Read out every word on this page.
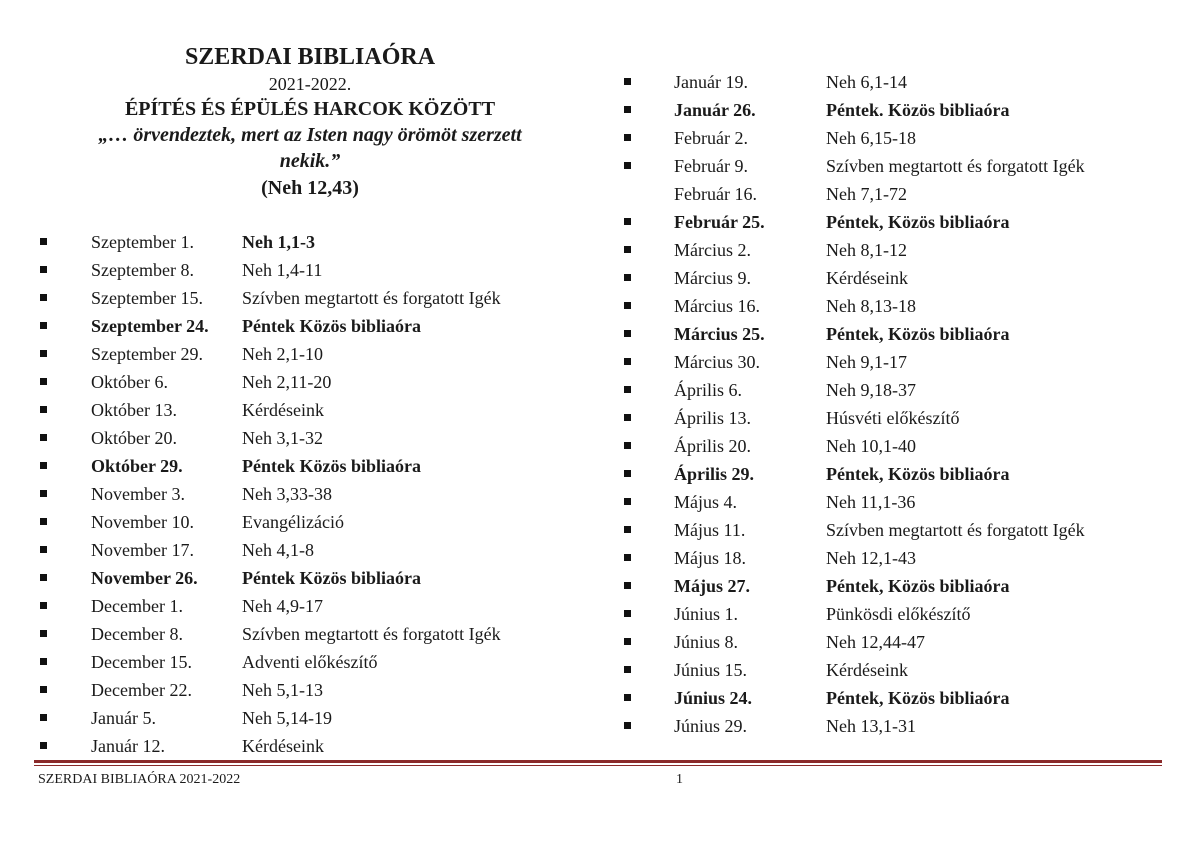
SZERDAI BIBLIAÓRA
2021-2022.
ÉPÍTÉS ÉS ÉPÜLÉS HARCOK KÖZÖTT
„… örvendeztek, mert az Isten nagy örömöt szerzett
nekik.”
(Neh 12,43)
Szeptember 1.	Neh 1,1-3
Szeptember 8.	Neh 1,4-11
Szeptember 15. Szívben megtartott és forgatott Igék
Szeptember 24. Péntek Közös bibliaóra
Szeptember 29. Neh 2,1-10
Október 6.	Neh 2,11-20
Október 13.	Kérdéseink
Október 20.	Neh 3,1-32
Október 29.	Péntek Közös bibliaóra
November 3.	Neh 3,33-38
November 10.	Evangélizáció
November 17.	Neh 4,1-8
November 26. Péntek Közös bibliaóra
December 1.	Neh 4,9-17
December 8.	Szívben megtartott és forgatott Igék
December 15.	Adventi előkészítő
December 22.	Neh 5,1-13
Január 5.	Neh 5,14-19
Január 12.	Kérdéseink
Január 19.	Neh 6,1-14
Január 26.	Péntek. Közös bibliaóra
Február 2.	Neh 6,15-18
Február 9.	Szívben megtartott és forgatott Igék
Február 16.	Neh 7,1-72
Február 25.	Péntek, Közös bibliaóra
Március 2.	Neh 8,1-12
Március 9.	Kérdéseink
Március 16.	Neh 8,13-18
Március 25.	Péntek, Közös bibliaóra
Március 30.	Neh 9,1-17
Április 6.	Neh 9,18-37
Április 13.	Húsvéti előkészítő
Április 20.	Neh 10,1-40
Április 29.	Péntek, Közös bibliaóra
Május 4.	Neh 11,1-36
Május 11.	Szívben megtartott és forgatott Igék
Május 18.	Neh 12,1-43
Május 27.	Péntek, Közös bibliaóra
Június 1.	Pünkösdi előkészítő
Június 8.	Neh 12,44-47
Június 15.	Kérdéseink
Június 24.	Péntek, Közös bibliaóra
Június 29.	Neh 13,1-31
SZERDAI BIBLIAÓRA 2021-2022	1
